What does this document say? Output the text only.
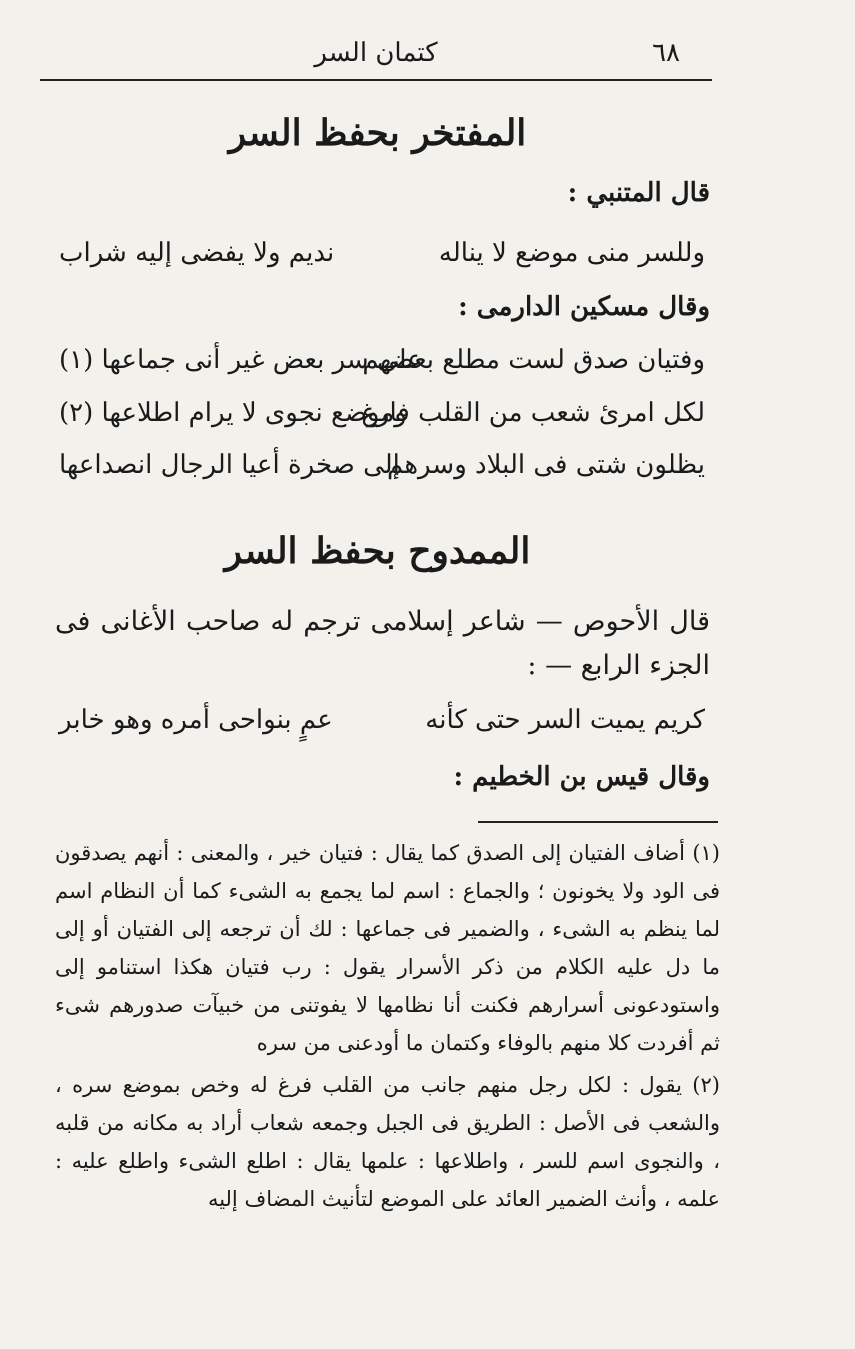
٦٨
كتمان السر
المفتخر بحفظ السر
قال المتنبي :
وللسر منى موضع لا يناله
نديم ولا يفضى إليه شراب
وقال مسكين الدارمى :
وفتيان صدق لست مطلع بعضهم
على سر بعض غير أنى جماعها (١)
لكل امرئ شعب من القلب فارغ
وموضع نجوى لا يرام اطلاعها (٢)
يظلون شتى فى البلاد وسرهم
إلى صخرة أعيا الرجال انصداعها
الممدوح بحفظ السر
قال الأحوص — شاعر إسلامى ترجم له صاحب الأغانى فى الجزء الرابع — :
كريم يميت السر حتى كأنه
عمٍ بنواحى أمره وهو خابر
وقال قيس بن الخطيم :

(١) أضاف الفتيان إلى الصدق كما يقال : فتيان خير ، والمعنى : أنهم يصدقون فى الود ولا يخونون ؛ والجماع : اسم لما يجمع به الشىء كما أن النظام اسم لما ينظم به الشىء ، والضمير فى جماعها : لك أن ترجعه إلى الفتيان أو إلى ما دل عليه الكلام من ذكر الأسرار يقول : رب فتيان هكذا استنامو إلى واستودعونى أسرارهم فكنت أنا نظامها لا يفوتنى من خبيآت صدورهم شىء ثم أفردت كلا منهم بالوفاء وكتمان ما أودعنى من سره

(٢) يقول : لكل رجل منهم جانب من القلب فرغ له وخص بموضع سره ، والشعب فى الأصل : الطريق فى الجبل وجمعه شعاب أراد به مكانه من قلبه ، والنجوى اسم للسر ، واطلاعها : علمها يقال : اطلع الشىء واطلع عليه : علمه ، وأنث الضمير العائد على الموضع لتأنيث المضاف إليه
